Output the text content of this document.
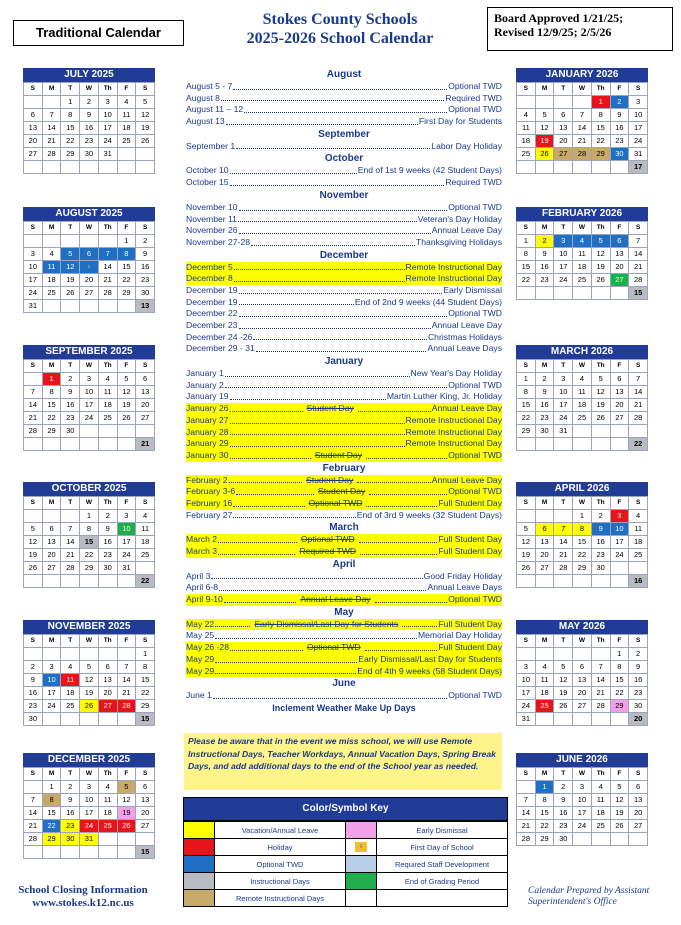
Traditional Calendar
Stokes County Schools
2025-2026 School Calendar
Board Approved 1/21/25;
Revised 12/9/25; 2/5/26
JULY 2025
S	M	T	W	Th	F	S
		1	2	3	4	5
6	7	8	9	10	11	12
13	14	15	16	17	18	19
20	21	22	23	24	25	26
27	28	29	30	31		

AUGUST 2025
S	M	T	W	Th	F	S
					1	2
3	4	5	6	7	8	9
10	11	12	♀	14	15	16
17	18	19	20	21	22	23
24	25	26	27	28	29	30
31						13
SEPTEMBER 2025
S	M	T	W	Th	F	S
	1	2	3	4	5	6
7	8	9	10	11	12	13
14	15	16	17	18	19	20
21	22	23	24	25	26	27
28	29	30				
						21
OCTOBER 2025
S	M	T	W	Th	F	S
			1	2	3	4
5	6	7	8	9	10	11
12	13	14	15	16	17	18
19	20	21	22	23	24	25
26	27	28	29	30	31	
						22
NOVEMBER 2025
S	M	T	W	Th	F	S
						1
2	3	4	5	6	7	8
9	10	11	12	13	14	15
16	17	18	19	20	21	22
23	24	25	26	27	28	29
30						15
DECEMBER 2025
S	M	T	W	Th	F	S
	1	2	3	4	5	6
7	8	9	10	11	12	13
14	15	16	17	18	19	20
21	22	23	24	25	26	27
28	29	30	31			
						15
JANUARY 2026
S	M	T	W	Th	F	S
				1	2	3
4	5	6	7	8	9	10
11	12	13	14	15	16	17
18	19	20	21	22	23	24
25	26	27	28	29	30	31
						17
FEBRUARY 2026
S	M	T	W	Th	F	S
1	2	3	4	5	6	7
8	9	10	11	12	13	14
15	16	17	18	19	20	21
22	23	24	25	26	27	28
						15
MARCH 2026
S	M	T	W	Th	F	S
1	2	3	4	5	6	7
8	9	10	11	12	13	14
15	16	17	18	19	20	21
22	23	24	25	26	27	28
29	30	31				
						22
APRIL 2026
S	M	T	W	Th	F	S
			1	2	3	4
5	6	7	8	9	10	11
12	13	14	15	16	17	18
19	20	21	22	23	24	25
26	27	28	29	30		
						16
MAY 2026
S	M	T	W	Th	F	S
					1	2
3	4	5	6	7	8	9
10	11	12	13	14	15	16
17	18	19	20	21	22	23
24	25	26	27	28	29	30
31						20
JUNE 2026
S	M	T	W	Th	F	S
	1	2	3	4	5	6
7	8	9	10	11	12	13
14	15	16	17	18	19	20
21	22	23	24	25	26	27
28	29	30				
August
August 5 - 7	Optional TWD
August 8	Required TWD
August 11 – 12	Optional TWD
August 13	First Day for Students
September
September 1	Labor Day Holiday
October
October 10	End of 1st 9 weeks (42 Student Days)
October 15	Required TWD
November
November 10	Optional TWD
November 11	Veteran's Day Holiday
November 26	Annual Leave Day
November 27-28	Thanksgiving Holidays
December
December 5	Remote Instructional Day
December 8	Remote Instructional Day
December 19	Early Dismissal
December 19	End of 2nd 9 weeks (44 Student Days)
December 22	Optional TWD
December 23	Annual Leave Day
December 24 -26	Christmas Holidays
December 29 - 31	Annual Leave Days
January
January 1	New Year's Day Holiday
January 2	Optional TWD
January 19	Martin Luther King, Jr. Holiday
January 26	Student Day	Annual Leave Day
January 27	Remote Instructional Day
January 28	Remote Instructional Day
January 29	Remote Instructional Day
January 30	Student Day	Optional TWD
February
February 2	Student Day	Annual Leave Day
February 3-6	Student Day	Optional TWD
February 16	Optional TWD	Full Student Day
February 27	End of 3rd 9 weeks (32 Student Days)
March
March 2	Optional TWD	Full Student Day
March 3	Required TWD	Full Student Day
April
April 3	Good Friday Holiday
April 6-8	Annual Leave Days
April 9-10	Annual Leave Day	Optional TWD
May
May 22	Early Dismissal/Last Day for Students	Full Student Day
May 25	Memorial Day Holiday
May 26 -28	Optional TWD	Full Student Day
May 29	Early Dismissal/Last Day for Students
May 29	End of 4th 9 weeks (58 Student Days)
June
June 1	Optional TWD
Inclement Weather Make Up Days
Please be aware that in the event we miss school, we will use Remote Instructional Days, Teacher Workdays, Annual Vacation Days, Spring Break Days, and add additional days to the end of the School year as needed.
Color/Symbol Key
	Vacation/Annual Leave		Early Dismissal
	Holiday	♀	First Day of School
	Optional TWD		Required Staff Development
	Instructional Days		End of Grading Period
	Remote Instructional Days		
School Closing Information
www.stokes.k12.nc.us
Calendar Prepared by Assistant
Superintendent's Office
